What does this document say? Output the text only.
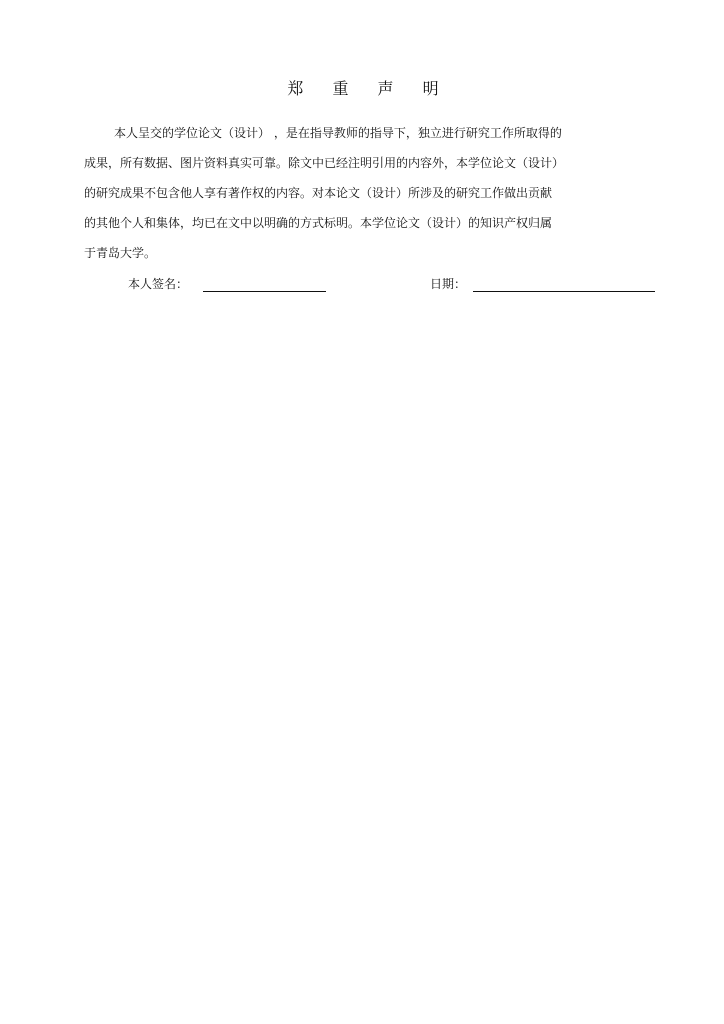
郑 重 声 明
本人呈交的学位论文（设计） ，是在指导教师的指导下，独立进行研究工作所取得的
成果，所有数据、图片资料真实可靠。除文中已经注明引用的内容外，本学位论文（设计）
的研究成果不包含他人享有著作权的内容。对本论文（设计）所涉及的研究工作做出贡献
的其他个人和集体，均已在文中以明确的方式标明。本学位论文（设计）的知识产权归属
于青岛大学。
本人签名：	日期：
